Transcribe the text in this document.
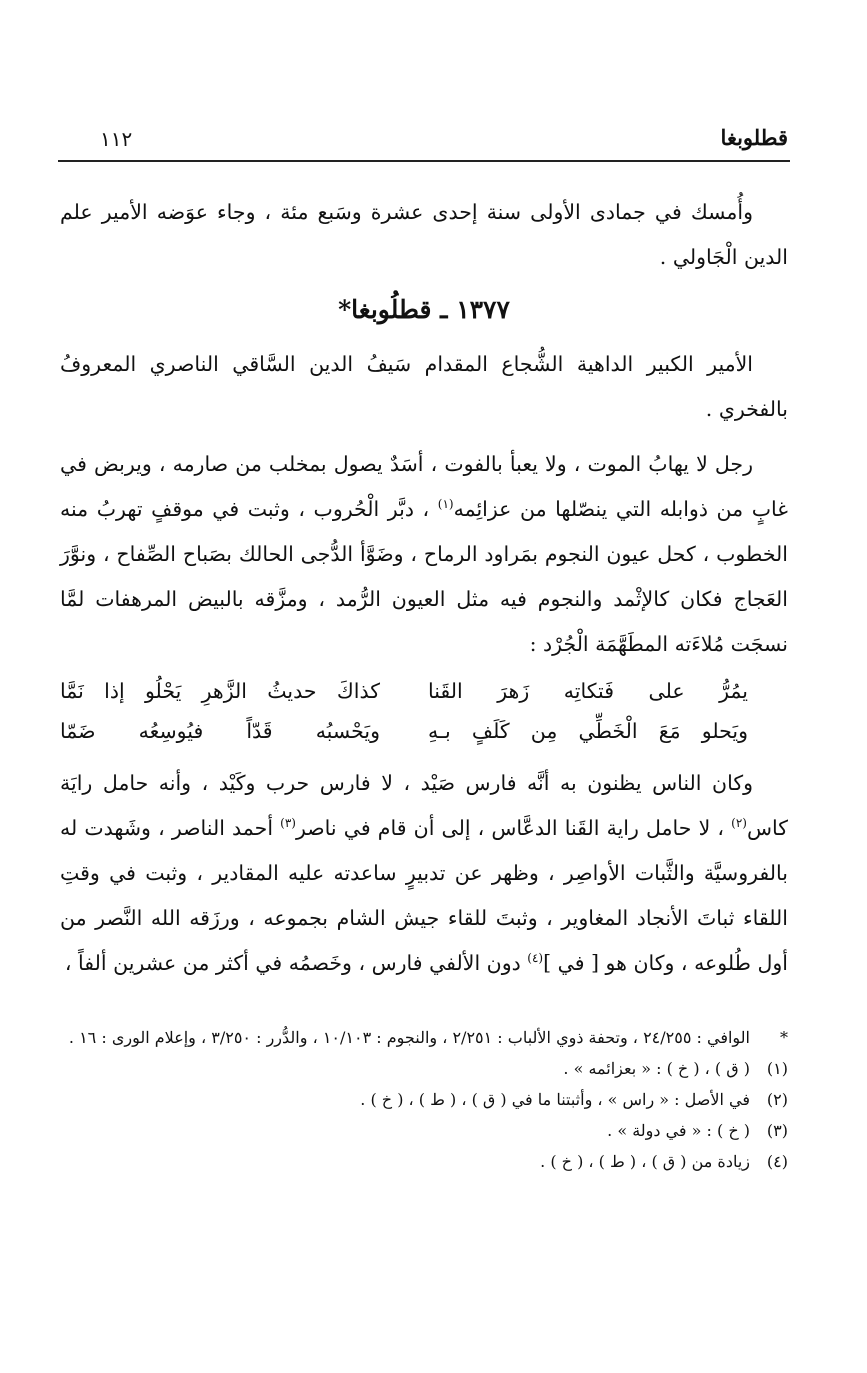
قطلوبغا
١١٢

وأُمسك في جمادى الأولى سنة إحدى عشرة وسَبع مئة ، وجاء عوَضه الأمير علم الدين الْجَاولي .

١٣٧٧ ـ قطلُوبغا*

الأمير الكبير الداهية الشُّجاع المقدام سَيفُ الدين السَّاقي الناصري المعروفُ بالفخري .

رجل لا يهابُ الموت ، ولا يعبأ بالفوت ، أسَدٌ يصول بمخلب من صارمه ، ويربض في غابٍ من ذوابله التي ينصّلها من عزائِمه$^{(١)}$ ، دبَّر الْحُروب ، وثبت في موقفٍ تهربُ منه الخطوب ، كحل عيون النجوم بمَراود الرماح ، وضَوَّأ الدُّجى الحالك بصَباح الصِّفاح ، ونوَّرَ العَجاج فكان كالإثْمد والنجوم فيه مثل العيون الرُّمد ، ومزَّقه بالبيض المرهفات لمَّا نسجَت مُلاءَته المطَهَّمَة الْجُرْد :

يمُرُّ على فَتكاتِه زَهرَ القَنا
كذاكَ حديثُ الزَّهرِ يَحْلُو إذا نَمَّا
ويَحلو مَعَ الْخَطِّي مِن كَلَفٍ بـهِ
ويَحْسبُه قَدّاً فيُوسِعُه ضَمّا

وكان الناس يظنون به أنَّه فارس صَيْد ، لا فارس حرب وكَيْد ، وأنه حامل رايَة كاس$^{(٢)}$ ، لا حامل راية القَنا الدعَّاس ، إلى أن قام في ناصر$^{(٣)}$ أحمد الناصر ، وشَهدت له بالفروسيَّة والثَّبات الأواصِر ، وظهر عن تدبيرٍ ساعدته عليه المقادير ، وثبت في وقتِ اللقاء ثباتَ الأنجاد المغاوير ، وثبتَ للقاء جيش الشام بجموعه ، ورزَقه الله النَّصر من أول طُلوعه ، وكان هو [ في ]$^{(٤)}$ دون الألفي فارس ، وخَصمُه في أكثر من عشرين ألفاً ،

*
الوافي : ٢٤/٢٥٥ ، وتحفة ذوي الألباب : ٢/٢٥١ ، والنجوم : ١٠/١٠٣ ، والدُّرر : ٣/٢٥٠ ، وإعلام الورى : ١٦ .
(١)
( ق ) ، ( خ ) : « بعزائمه » .
(٢)
في الأصل : « راس » ، وأثبتنا ما في ( ق ) ، ( ط ) ، ( خ ) .
(٣)
( خ ) : « في دولة » .
(٤)
زيادة من ( ق ) ، ( ط ) ، ( خ ) .
